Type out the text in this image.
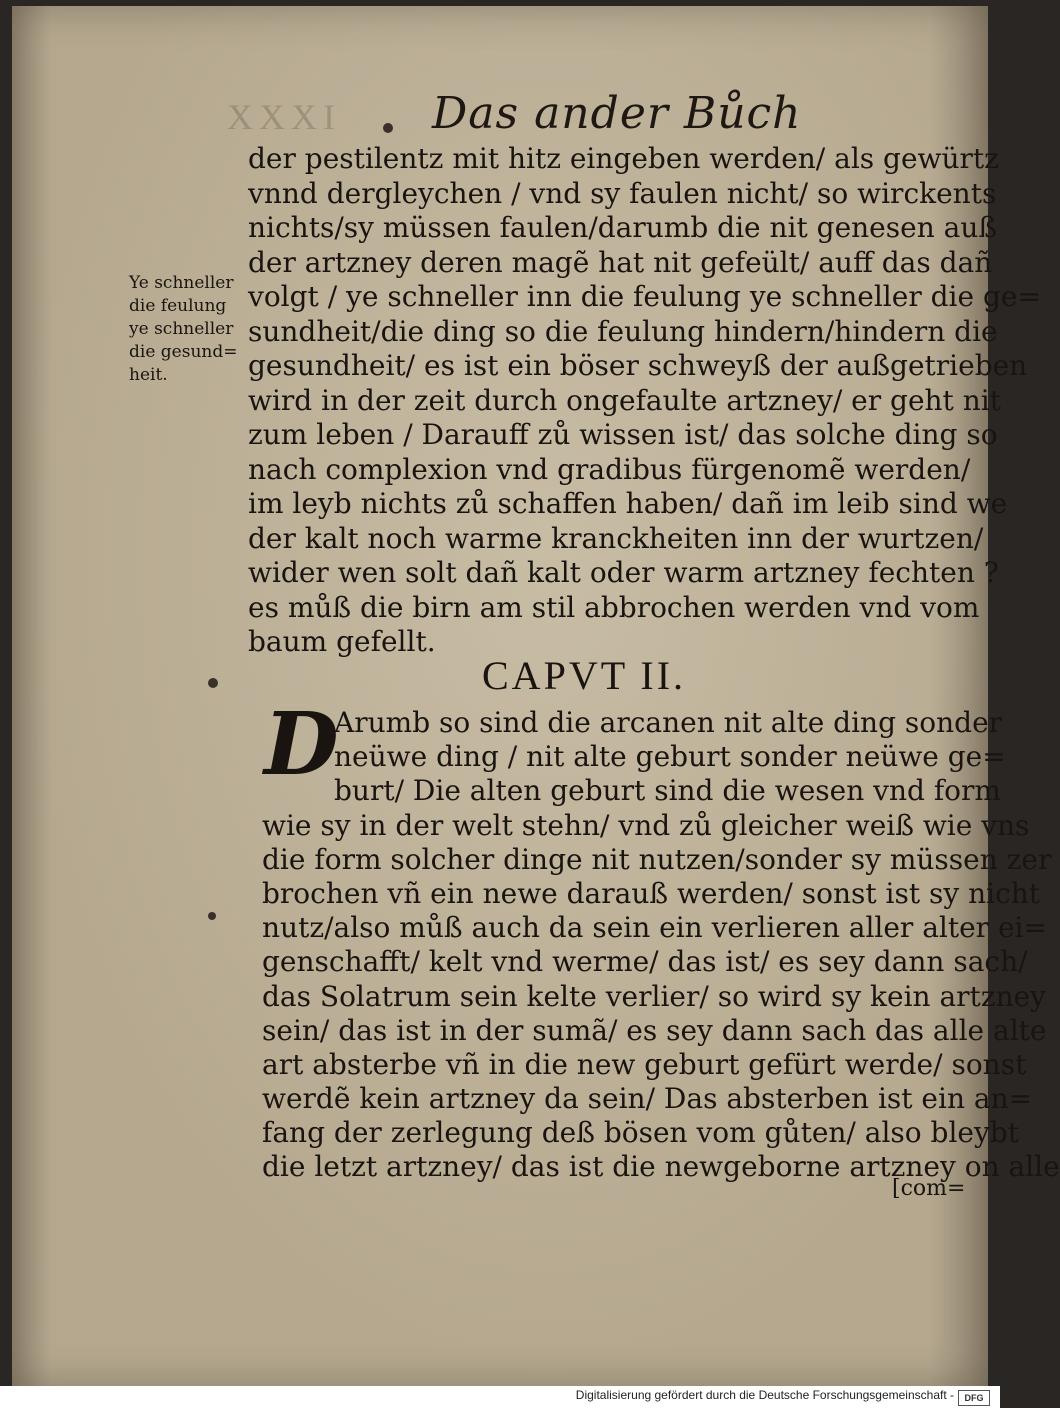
XXXI Das ander Bůch
Ye schneller
die feulung
ye schneller
die gesund=
heit.
der pestilentz mit hitz eingeben werden/ als gewürtz
vnnd dergleychen / vnd sy faulen nicht/ so wirckents
nichts/sy müssen faulen/darumb die nit genesen auß
der artzney deren magẽ hat nit gefeült/ auff das dañ
volgt / ye schneller inn die feulung ye schneller die ge=
sundheit/die ding so die feulung hindern/hindern die
gesundheit/ es ist ein böser schweyß der außgetrieben
wird in der zeit durch ongefaulte artzney/ er geht nit
zum leben / Darauff zů wissen ist/ das solche ding so
nach complexion vnd gradibus fürgenomẽ werden/
im leyb nichts zů schaffen haben/ dañ im leib sind we
der kalt noch warme kranckheiten inn der wurtzen/
wider wen solt dañ kalt oder warm artzney fechten ?
es můß die birn am stil abbrochen werden vnd vom
baum gefellt.
CAPVT II.
D
Arumb so sind die arcanen nit alte ding sonder
neüwe ding / nit alte geburt sonder neüwe ge=
burt/ Die alten geburt sind die wesen vnd form
wie sy in der welt stehn/ vnd zů gleicher weiß wie vns
die form solcher dinge nit nutzen/sonder sy müssen zer
brochen vñ ein newe darauß werden/ sonst ist sy nicht
nutz/also můß auch da sein ein verlieren aller alter ei=
genschafft/ kelt vnd werme/ das ist/ es sey dann sach/
das Solatrum sein kelte verlier/ so wird sy kein artzney
sein/ das ist in der sumã/ es sey dann sach das alle alte
art absterbe vñ in die new geburt gefürt werde/ sonst
werdẽ kein artzney da sein/ Das absterben ist ein an=
fang der zerlegung deß bösen vom gůten/ also bleybt
die letzt artzney/ das ist die newgeborne artzney on alle
[com=
Digitalisierung gefördert durch die Deutsche Forschungsgemeinschaft -	DFG
